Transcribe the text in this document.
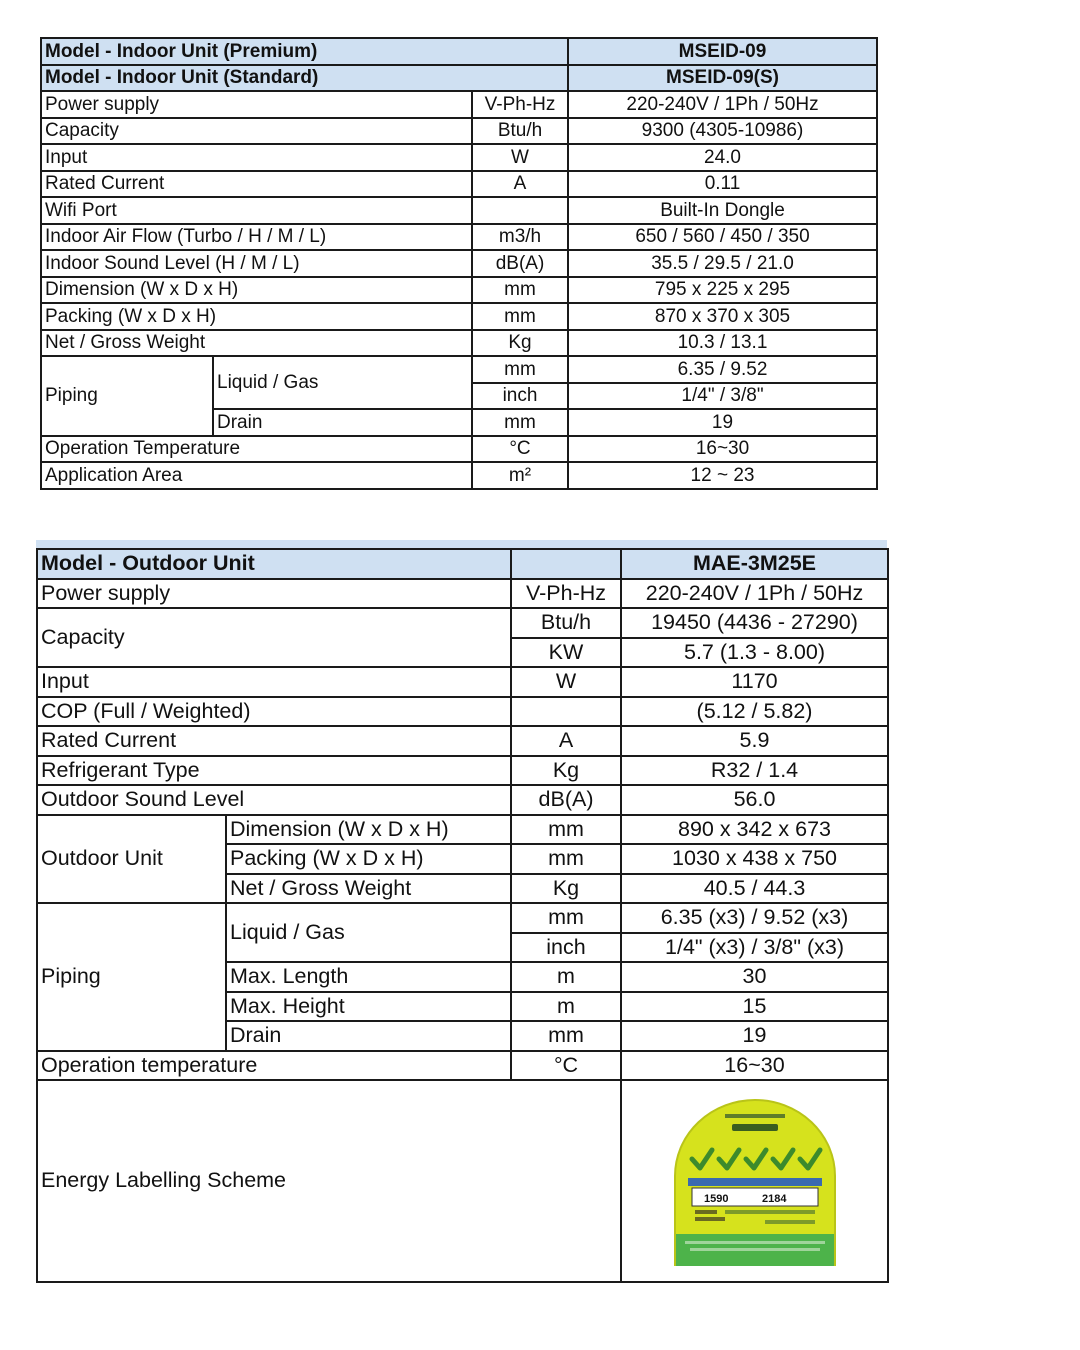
Model - Indoor Unit (Premium)			MSEID-09
Model - Indoor Unit (Standard)			MSEID-09(S)
Power supply		V-Ph-Hz	220-240V / 1Ph / 50Hz
Capacity		Btu/h	9300 (4305-10986)
Input		W	24.0
Rated Current		A	0.11
Wifi Port			Built-In Dongle
Indoor Air Flow (Turbo / H / M / L)		m3/h	650 / 560 / 450 / 350
Indoor Sound Level (H / M / L)		dB(A)	35.5 / 29.5 / 21.0
Dimension (W x D x H)		mm	795 x 225 x 295
Packing (W x D x H)		mm	870 x 370 x 305
Net / Gross Weight		Kg	10.3 / 13.1
Piping	Liquid / Gas	mm	6.35 / 9.52
		inch	1/4" / 3/8"
	Drain	mm	19
Operation Temperature		°C	16~30
Application Area		m²	12 ~ 23

Model - Outdoor Unit			MAE-3M25E
Power supply		V-Ph-Hz	220-240V / 1Ph / 50Hz
Capacity		Btu/h	19450 (4436 - 27290)
		KW	5.7 (1.3 - 8.00)
Input		W	1170
COP (Full / Weighted)			(5.12 / 5.82)
Rated Current		A	5.9
Refrigerant Type		Kg	R32 / 1.4
Outdoor Sound Level		dB(A)	56.0
Outdoor Unit	Dimension (W x D x H)	mm	890 x 342 x 673
	Packing (W x D x H)	mm	1030 x 438 x 750
	Net / Gross Weight	Kg	40.5 / 44.3
Piping	Liquid / Gas	mm	6.35 (x3) / 9.52 (x3)
		inch	1/4" (x3) / 3/8" (x3)
	Max. Length	m	30
	Max. Height	m	15
	Drain	mm	19
Operation temperature		°C	16~30
Energy Labelling Scheme			1590 2184
